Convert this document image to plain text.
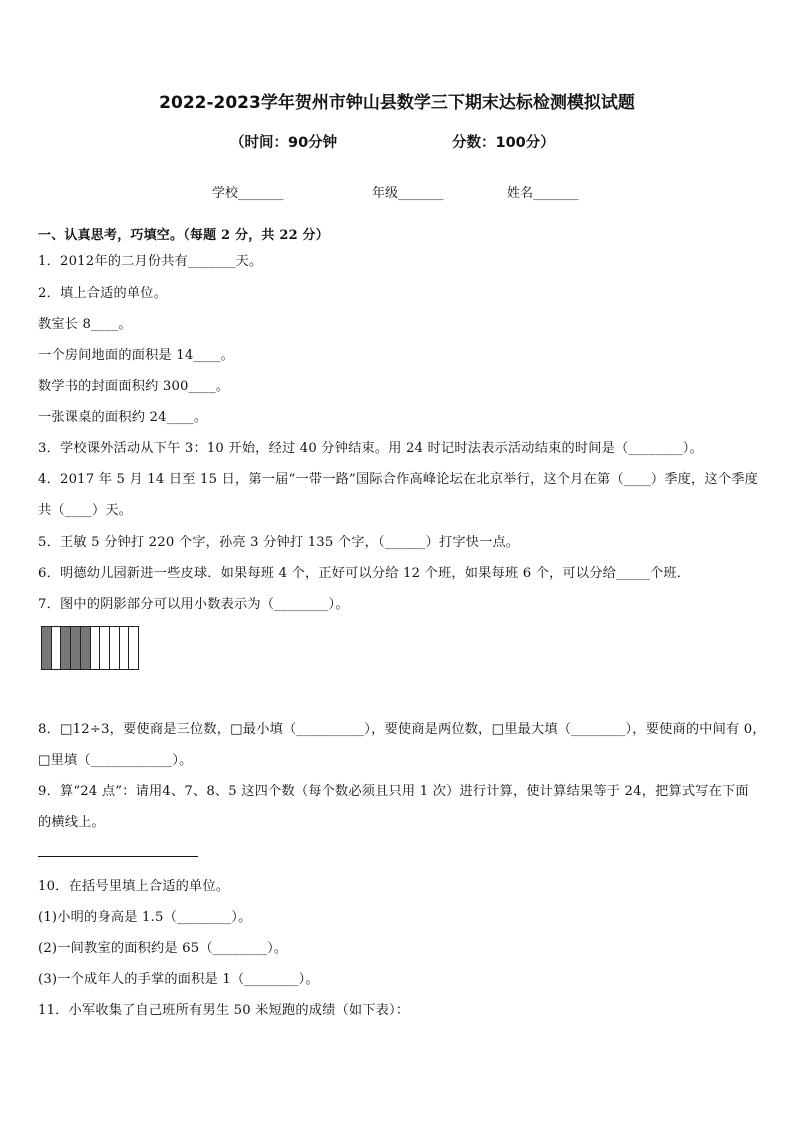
2022-2023学年贺州市钟山县数学三下期末达标检测模拟试题
（时间：90分钟	分数：100分）
学校_______	年级_______	姓名_______
一、认真思考，巧填空。（每题 2 分，共 22 分）
1．2012年的二月份共有_______天。
2．填上合适的单位。
教室长 8____。
一个房间地面的面积是 14____。
数学书的封面面积约 300____。
一张课桌的面积约 24____。
3．学校课外活动从下午 3：10 开始，经过 40 分钟结束。用 24 时记时法表示活动结束的时间是（________）。
4．2017 年 5 月 14 日至 15 日，第一届“一带一路”国际合作高峰论坛在北京举行，这个月在第（____）季度，这个季度
共（____）天。
5．王敏 5 分钟打 220 个字，孙亮 3 分钟打 135 个字，（______）打字快一点。
6．明德幼儿园新进一些皮球．如果每班 4 个，正好可以分给 12 个班，如果每班 6 个，可以分给_____个班．
7．图中的阴影部分可以用小数表示为（________）。
8．□12÷3，要使商是三位数，□最小填（__________），要使商是两位数，□里最大填（________），要使商的中间有 0，
□里填（____________）。
9．算“24 点”：请用4、7、8、5 这四个数（每个数必须且只用 1 次）进行计算，使计算结果等于 24，把算式写在下面
的横线上。
10．在括号里填上合适的单位。
(1)小明的身高是 1.5（________）。
(2)一间教室的面积约是 65（________）。
(3)一个成年人的手掌的面积是 1（________）。
11．小军收集了自己班所有男生 50 米短跑的成绩（如下表）：
